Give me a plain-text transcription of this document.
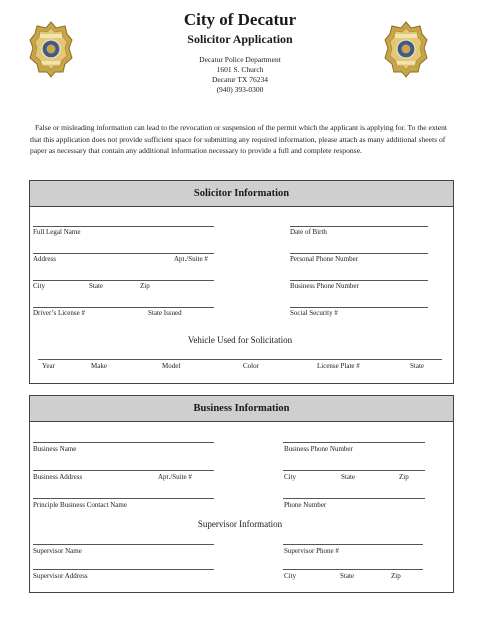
City of Decatur
Solicitor Application
Decatur Police Department
1601 S. Church
Decatur TX 76234
(940) 393-0300
False or misleading information can lead to the revocation or suspension of the permit which the applicant is applying for. To the extent that this application does not provide sufficient space for submitting any required information, please attach as many additional sheets of paper as necessary that contain any additional information necessary to provide a full and complete response.
Solicitor Information
Full Legal Name	Date of Birth
Address	Apt./Suite #	Personal Phone Number
City	State	Zip	Business Phone Number
Driver’s License #	State Issued	Social Security #
Vehicle Used for Solicitation
Year	Make	Model	Color	License Plate #	State
Business Information
Business Name	Business Phone Number
Business Address	Apt./Suite #	City	State	Zip
Principle Business Contact Name	Phone Number
Supervisor Information
Supervisor Name	Supervisor Phone #
Supervisor Address	City	State	Zip
